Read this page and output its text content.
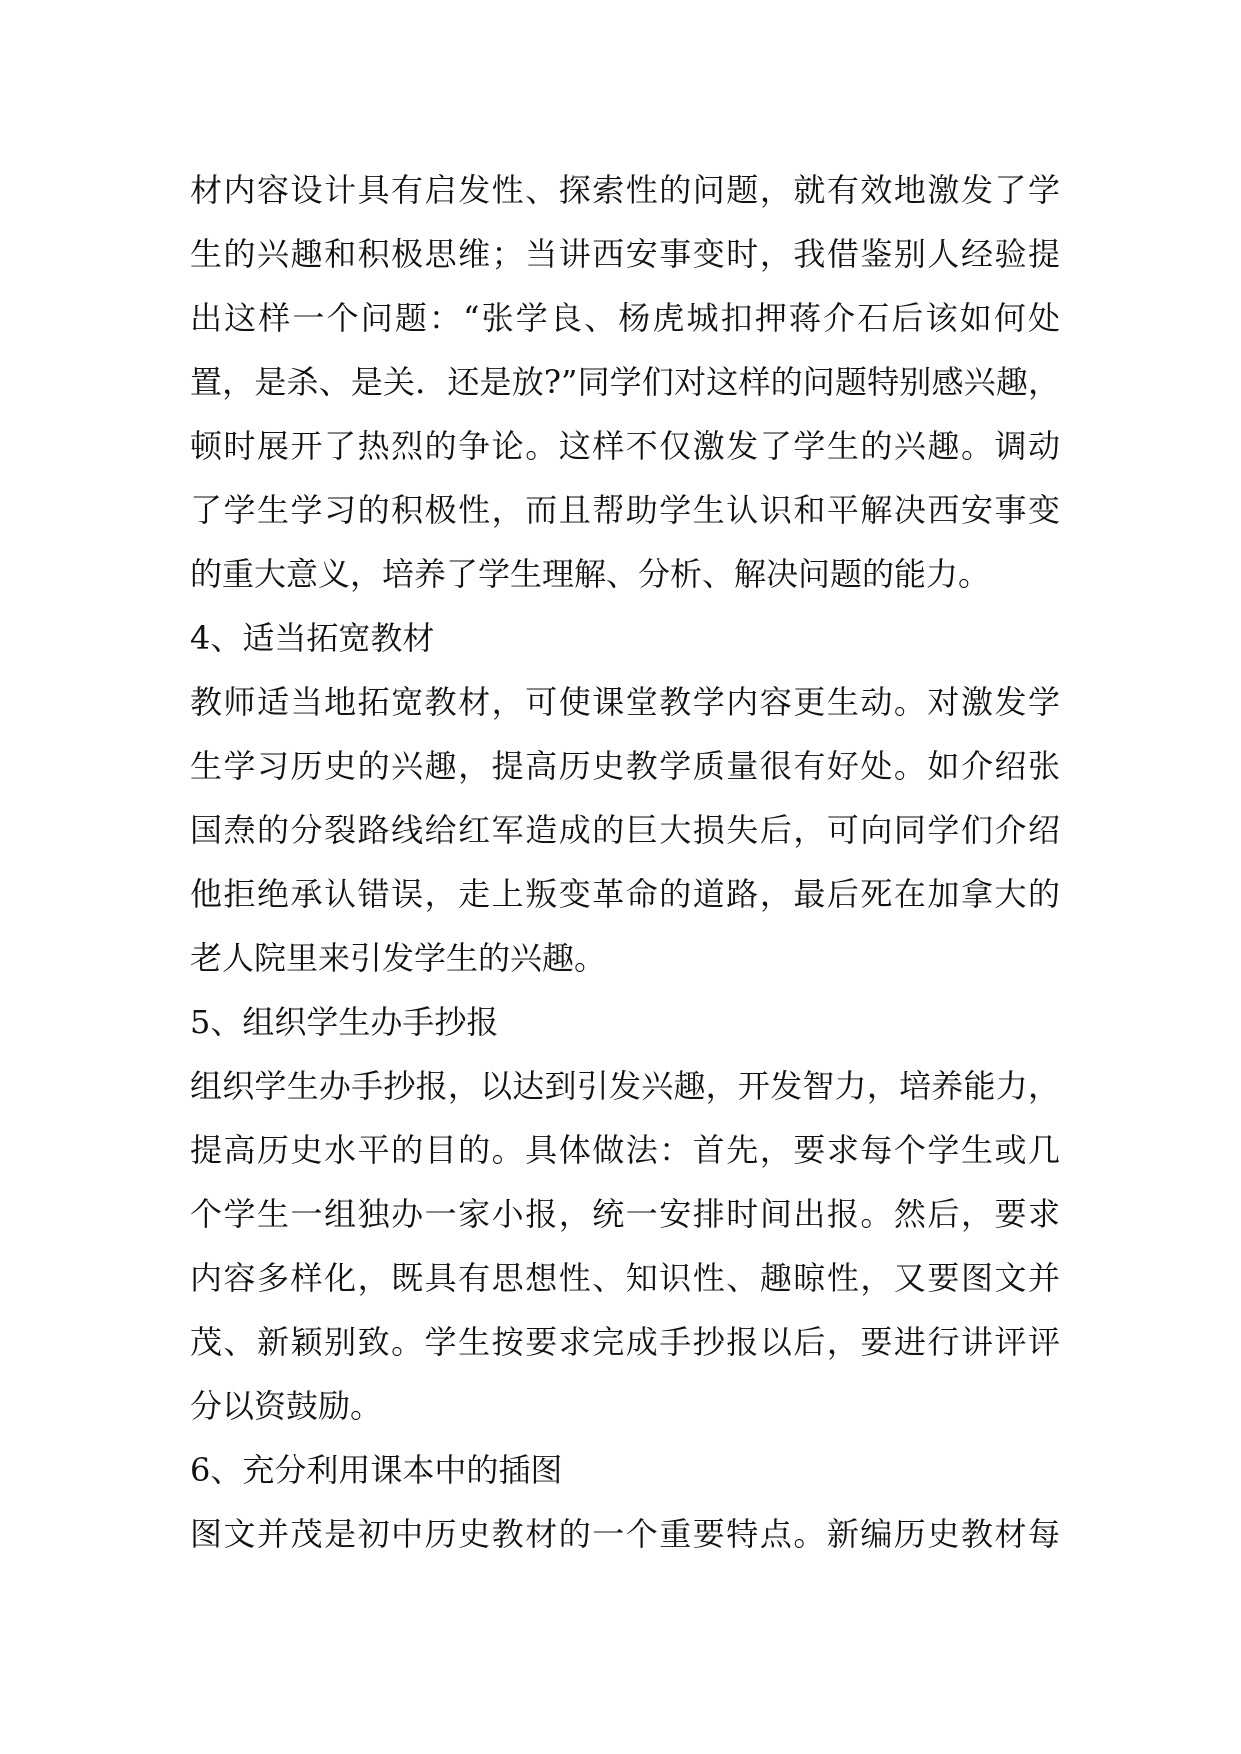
材内容设计具有启发性、探索性的问题，就有效地激发了学
生的兴趣和积极思维；当讲西安事变时，我借鉴别人经验提
出这样一个问题：“张学良、杨虎城扣押蒋介石后该如何处
置，是杀、是关．还是放?”同学们对这样的问题特别感兴趣，
顿时展开了热烈的争论。这样不仅激发了学生的兴趣。调动
了学生学习的积极性，而且帮助学生认识和平解决西安事变
的重大意义，培养了学生理解、分析、解决问题的能力。
4、适当拓宽教材
教师适当地拓宽教材，可使课堂教学内容更生动。对激发学
生学习历史的兴趣，提高历史教学质量很有好处。如介绍张
国焘的分裂路线给红军造成的巨大损失后，可向同学们介绍
他拒绝承认错误，走上叛变革命的道路，最后死在加拿大的
老人院里来引发学生的兴趣。
5、组织学生办手抄报
组织学生办手抄报，以达到引发兴趣，开发智力，培养能力，
提高历史水平的目的。具体做法：首先，要求每个学生或几
个学生一组独办一家小报，统一安排时间出报。然后，要求
内容多样化，既具有思想性、知识性、趣晾性，又要图文并
茂、新颖别致。学生按要求完成手抄报以后，要进行讲评评
分以资鼓励。
6、充分利用课本中的插图
图文并茂是初中历史教材的一个重要特点。新编历史教材每
